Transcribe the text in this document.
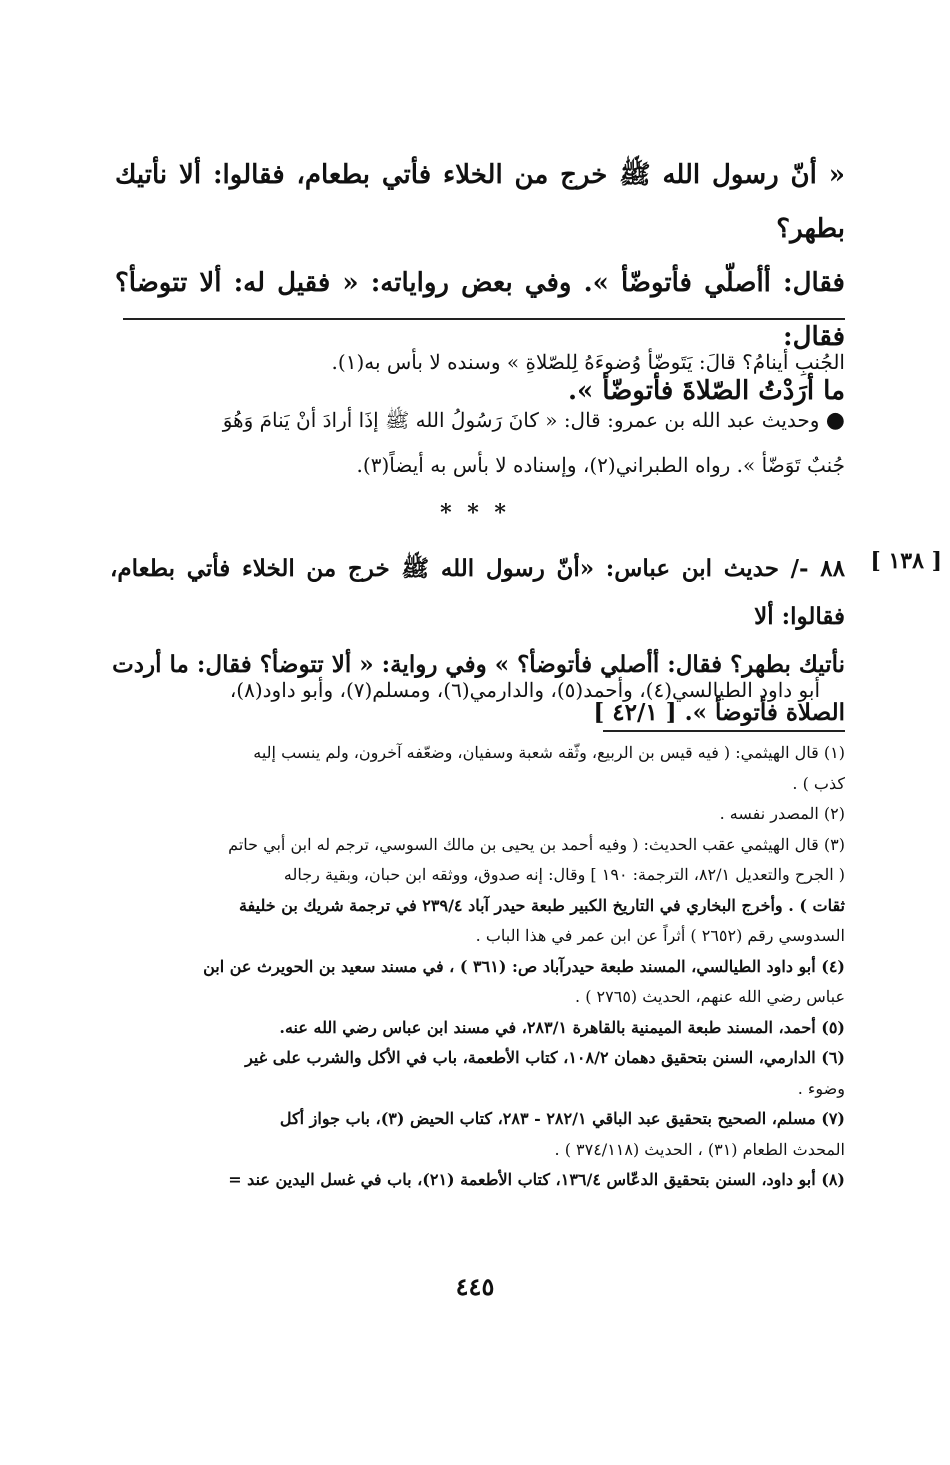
« أنّ رسول الله ﷺ خرج من الخلاء فأتي بطعام، فقالوا: ألا نأتيك بطهر؟

فقال: أأصلّي فأتوضّأ ». وفي بعض رواياته: « فقيل له: ألا تتوضأ؟ فقال:

ما أرَدْتُ الصّلاةَ فأتوضّأ ».

الجُنبِ أينامُ؟ قالَ: يَتَوضّأ وُضوءَهُ لِلصّلاةِ » وسنده لا بأس به(١).

● وحديث عبد الله بن عمرو: قال: « كانَ رَسُولُ الله ﷺ إذَا أرادَ أنْ يَنامَ وَهُوَ

جُنبٌ تَوَضّأ ». رواه الطبراني(٢)، وإسناده لا بأس به أيضاً(٣).

* * *
[ ١٣٨ ]

٨٨ -/ حديث ابن عباس: «أنّ رسول الله ﷺ خرج من الخلاء فأتي بطعام، فقالوا: ألا

نأتيك بطهر؟ فقال: أأصلي فأتوضأ؟ » وفي رواية: « ألا تتوضأ؟ فقال: ما أردت

الصلاة فأتوضأ ». [ ٤٢/١ ]

أبو داود الطيالسي(٤)، وأحمد(٥)، والدارمي(٦)، ومسلم(٧)، وأبو داود(٨)،

(١) قال الهيثمي: ( فيه قيس بن الربيع، وثّقه شعبة وسفيان، وضعّفه آخرون، ولم ينسب إليه

كذب ) .

(٢) المصدر نفسه .

(٣) قال الهيثمي عقب الحديث: ( وفيه أحمد بن يحيى بن مالك السوسي، ترجم له ابن أبي حاتم

( الجرح والتعديل ٨٢/١، الترجمة: ١٩٠ ] وقال: إنه صدوق، ووثقه ابن حبان، وبقية رجاله

ثقات ) . وأخرج البخاري في التاريخ الكبير طبعة حيدر آباد ٢٣٩/٤ في ترجمة شريك بن خليفة

السدوسي رقم (٢٦٥٢ ) أثراً عن ابن عمر في هذا الباب .

(٤) أبو داود الطيالسي، المسند طبعة حيدرآباد ص: (٣٦١ ) ، في مسند سعيد بن الحويرث عن ابن

عباس رضي الله عنهم، الحديث (٢٧٦٥ ) .

(٥) أحمد، المسند طبعة الميمنية بالقاهرة ٢٨٣/١، في مسند ابن عباس رضي الله عنه.

(٦) الدارمي، السنن بتحقيق دهمان ١٠٨/٢، كتاب الأطعمة، باب في الأكل والشرب على غير

وضوء .

(٧) مسلم، الصحيح بتحقيق عبد الباقي ٢٨٢/١ - ٢٨٣، كتاب الحيض (٣)، باب جواز أكل

المحدث الطعام (٣١) ، الحديث (٣٧٤/١١٨ ) .

(٨) أبو داود، السنن بتحقيق الدعّاس ١٣٦/٤، كتاب الأطعمة (٢١)، باب في غسل اليدين عند =

٤٤٥
